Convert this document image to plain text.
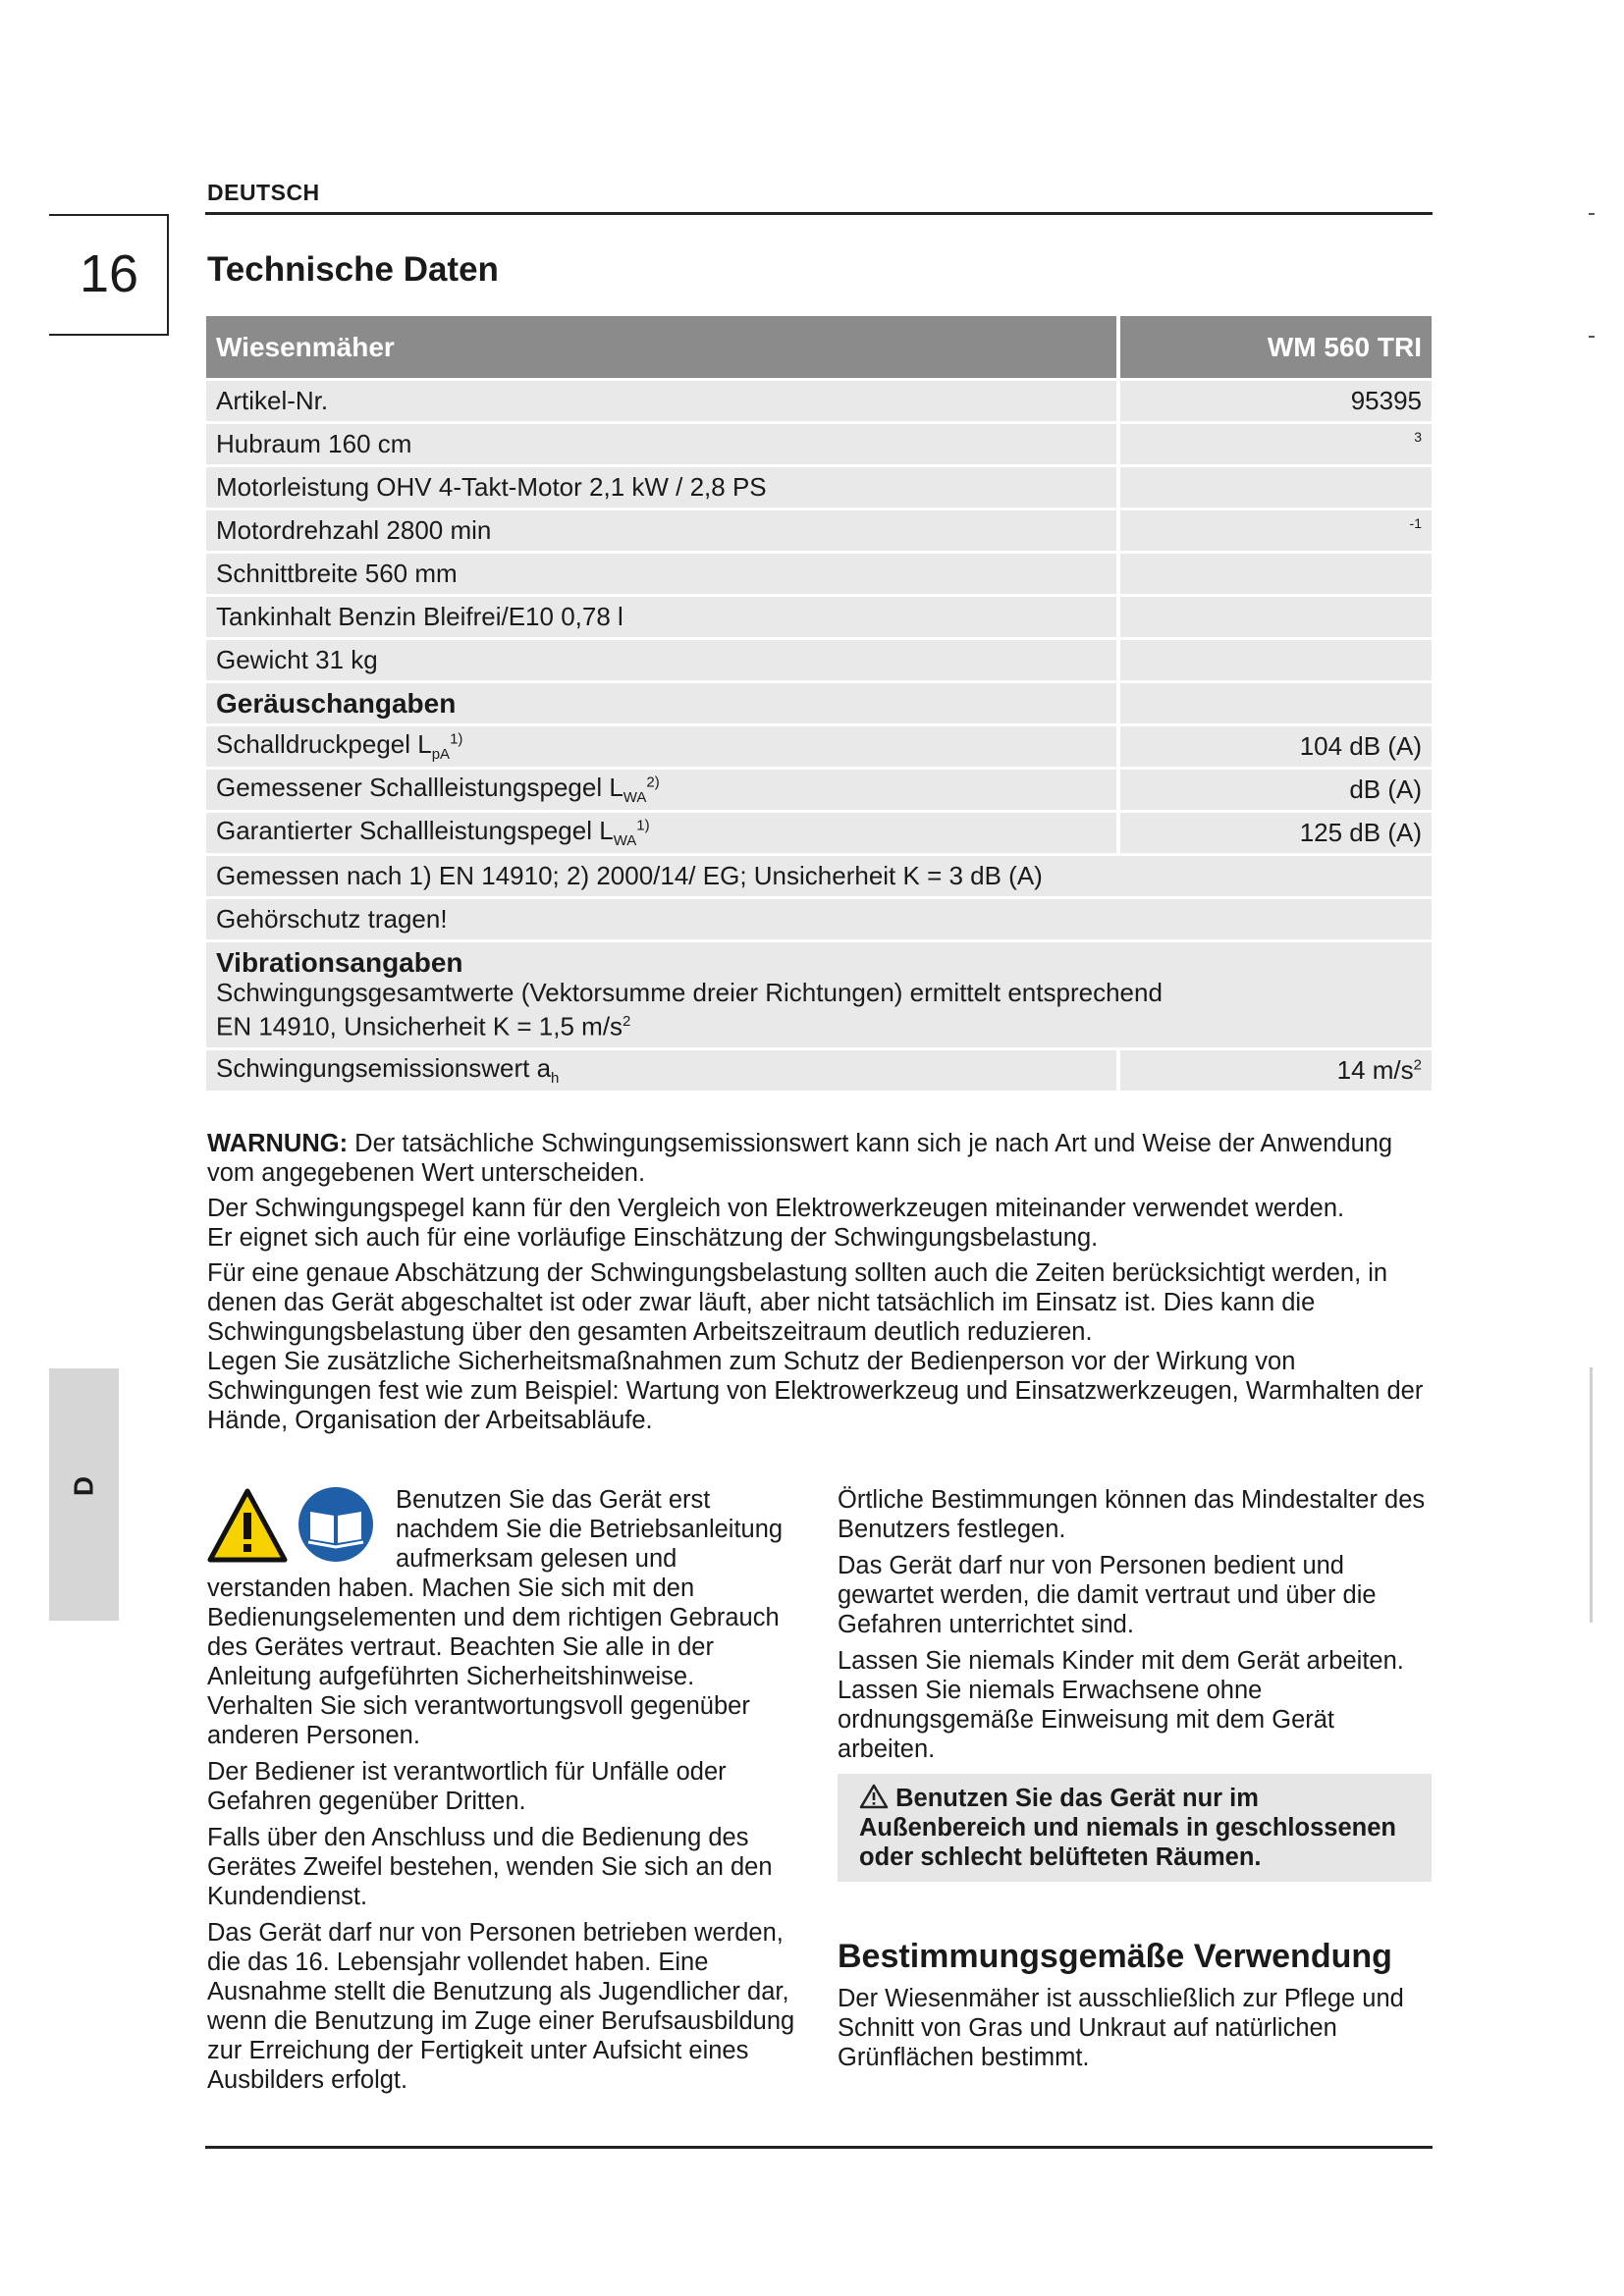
DEUTSCH
16	Technische Daten
D
Wiesenmäher	WM 560 TRI
Artikel-Nr.	95395
Hubraum 160 cm	$^3$
Motorleistung OHV 4-Takt-Motor 2,1 kW / 2,8 PS	
Motordrehzahl 2800 min	$^{-1}$
Schnittbreite 560 mm	
Tankinhalt Benzin Bleifrei/E10 0,78 l	
Gewicht 31 kg	
Geräuschangaben	
Schalldruckpegel $L_{pA}^{1)}$	104 dB (A)
Gemessener Schallleistungspegel $L_{WA}^{2)}$	dB (A)
Garantierter Schallleistungspegel $L_{WA}^{1)}$	125 dB (A)
Gemessen nach 1) EN 14910; 2) 2000/14/ EG; Unsicherheit K = 3 dB (A)	
Gehörschutz tragen!	

Vibrationsangaben
Schwingungsgesamtwerte (Vektorsumme dreier Richtungen) ermittelt entsprechend
EN 14910, Unsicherheit K = 1,5 $m/s^2$

Schwingungsemissionswert $a_h$	14 $m/s^2$

WARNUNG: Der tatsächliche Schwingungsemissionswert kann sich je nach Art und Weise der Anwendung vom angegebenen Wert unterscheiden.

Der Schwingungspegel kann für den Vergleich von Elektrowerkzeugen miteinander verwendet werden.

Er eignet sich auch für eine vorläufige Einschätzung der Schwingungsbelastung.

Für eine genaue Abschätzung der Schwingungsbelastung sollten auch die Zeiten berücksichtigt werden, in denen das Gerät abgeschaltet ist oder zwar läuft, aber nicht tatsächlich im Einsatz ist. Dies kann die Schwingungsbelastung über den gesamten Arbeitszeitraum deutlich reduzieren.

Legen Sie zusätzliche Sicherheitsmaßnahmen zum Schutz der Bedienperson vor der Wirkung von Schwingungen fest wie zum Beispiel: Wartung von Elektrowerkzeug und Einsatzwerkzeugen, Warmhalten der Hände, Organisation der Arbeitsabläufe.

Benutzen Sie das Gerät erst nachdem Sie die Betriebsanleitung aufmerksam gelesen und verstanden haben. Machen Sie sich mit den Bedienungselementen und dem richtigen Gebrauch des Gerätes vertraut. Beachten Sie alle in der Anleitung aufgeführten Sicherheitshinweise. Verhalten Sie sich verantwortungsvoll gegenüber anderen Personen.

Der Bediener ist verantwortlich für Unfälle oder Gefahren gegenüber Dritten.

Falls über den Anschluss und die Bedienung des Gerätes Zweifel bestehen, wenden Sie sich an den Kundendienst.

Das Gerät darf nur von Personen betrieben werden, die das 16. Lebensjahr vollendet haben. Eine Ausnahme stellt die Benutzung als Jugendlicher dar, wenn die Benutzung im Zuge einer Berufsausbildung zur Erreichung der Fertigkeit unter Aufsicht eines Ausbilders erfolgt.

Örtliche Bestimmungen können das Mindestalter des Benutzers festlegen.

Das Gerät darf nur von Personen bedient und gewartet werden, die damit vertraut und über die Gefahren unterrichtet sind.

Lassen Sie niemals Kinder mit dem Gerät arbeiten. Lassen Sie niemals Erwachsene ohne ordnungsgemäße Einweisung mit dem Gerät arbeiten.

Benutzen Sie das Gerät nur im Außenbereich und niemals in geschlossenen oder schlecht belüfteten Räumen.
Bestimmungsgemäße Verwendung

Der Wiesenmäher ist ausschließlich zur Pflege und Schnitt von Gras und Unkraut auf natürlichen Grünflächen bestimmt.
